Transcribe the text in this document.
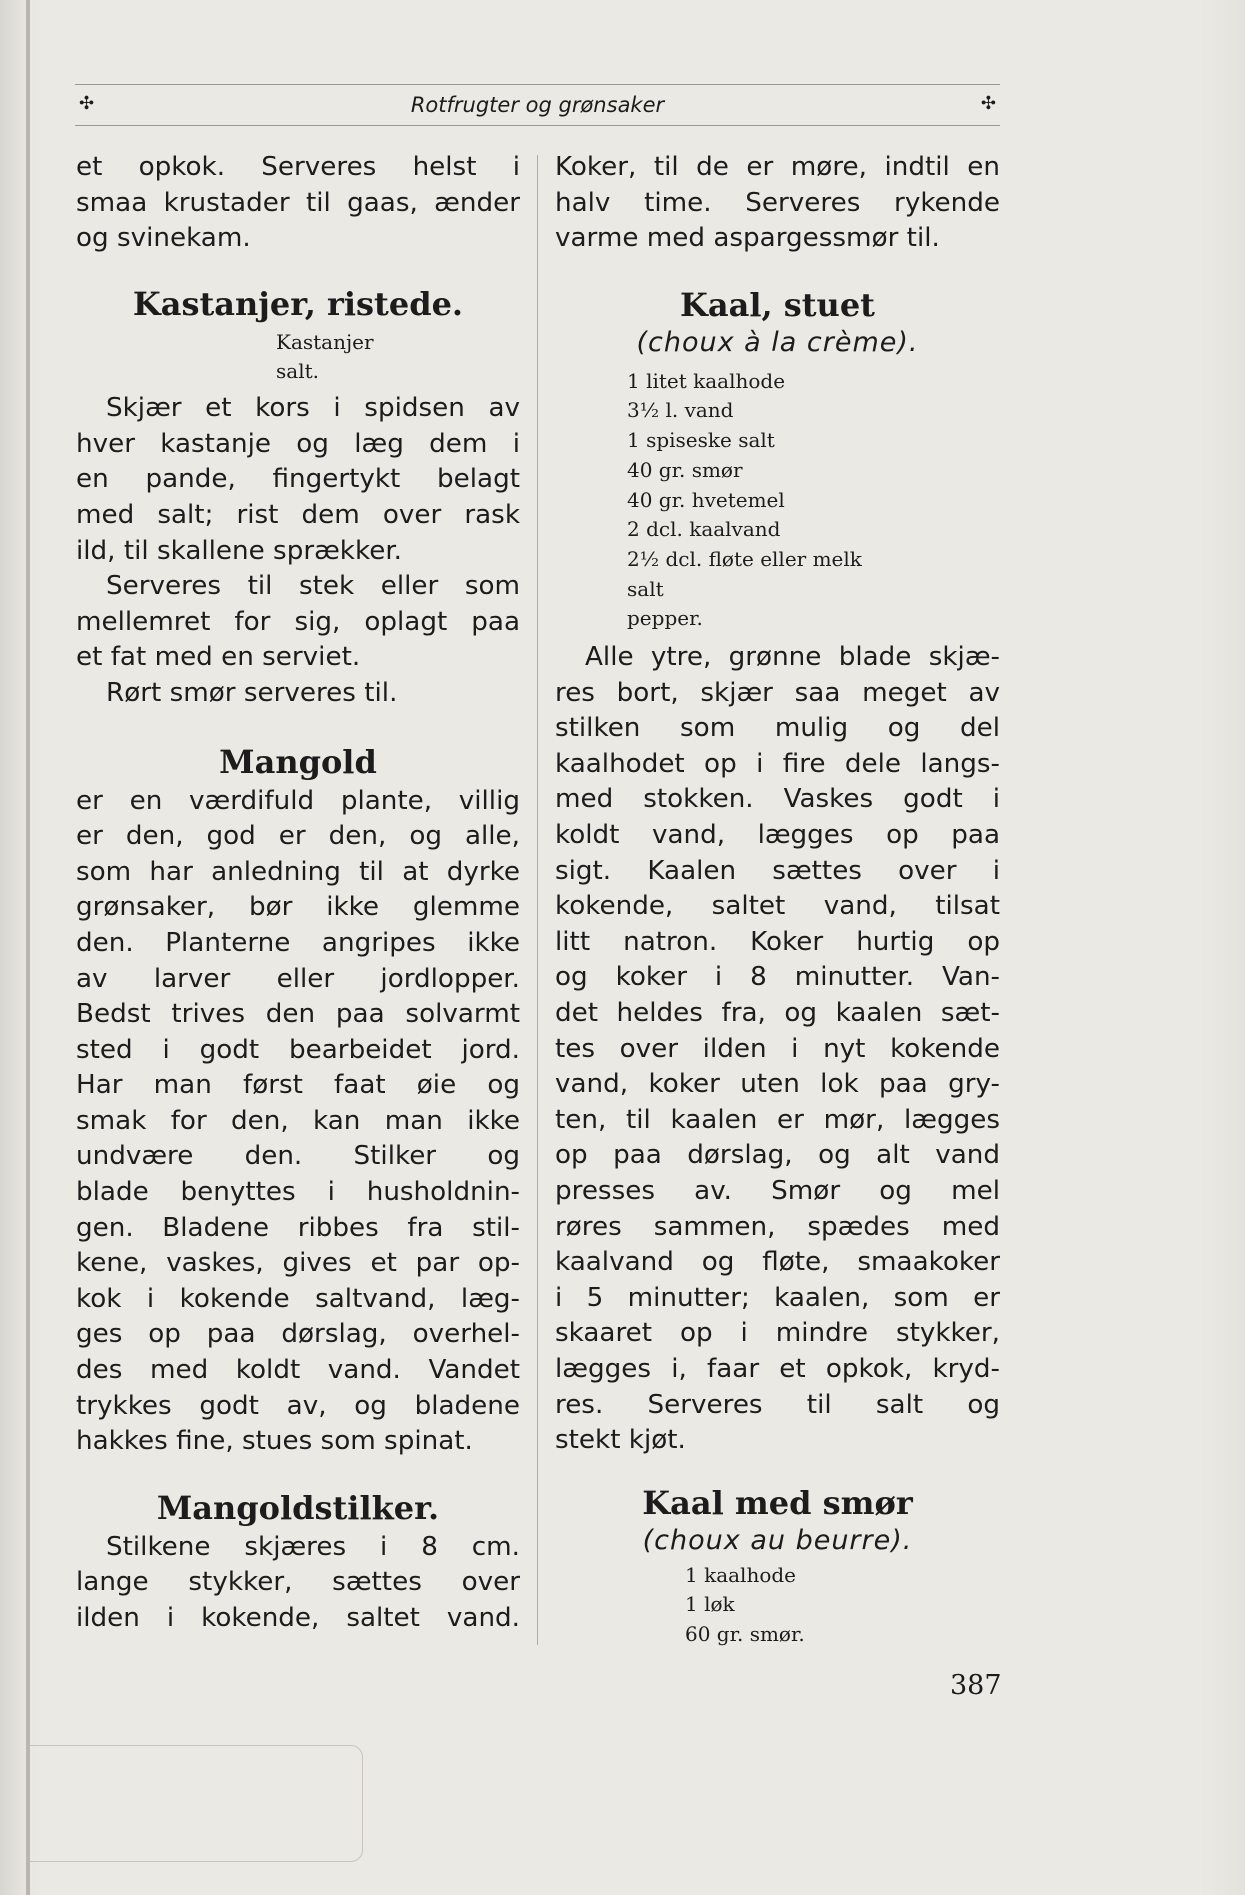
✣	Rotfrugter og grønsaker	✣
et opkok. Serveres helst i
smaa krustader til gaas, ænder
og svinekam.
Kastanjer, ristede.
Kastanjer
salt.
Skjær et kors i spidsen av
hver kastanje og læg dem i
en pande, fingertykt belagt
med salt; rist dem over rask
ild, til skallene sprækker.
Serveres til stek eller som
mellemret for sig, oplagt paa
et fat med en serviet.
Rørt smør serveres til.
Mangold
er en værdifuld plante, villig
er den, god er den, og alle,
som har anledning til at dyrke
grønsaker, bør ikke glemme
den. Planterne angripes ikke
av larver eller jordlopper.
Bedst trives den paa solvarmt
sted i godt bearbeidet jord.
Har man først faat øie og
smak for den, kan man ikke
undvære den. Stilker og
blade benyttes i husholdnin-
gen. Bladene ribbes fra stil-
kene, vaskes, gives et par op-
kok i kokende saltvand, læg-
ges op paa dørslag, overhel-
des med koldt vand. Vandet
trykkes godt av, og bladene
hakkes fine, stues som spinat.
Mangoldstilker.
Stilkene skjæres i 8 cm.
lange stykker, sættes over
ilden i kokende, saltet vand.
Koker, til de er møre, indtil en
halv time. Serveres rykende
varme med aspargessmør til.
Kaal, stuet
(choux à la crème).
1 litet kaalhode
3½ l. vand
1 spiseske salt
40 gr. smør
40 gr. hvetemel
2 dcl. kaalvand
2½ dcl. fløte eller melk
salt
pepper.
Alle ytre, grønne blade skjæ-
res bort, skjær saa meget av
stilken som mulig og del
kaalhodet op i fire dele langs-
med stokken. Vaskes godt i
koldt vand, lægges op paa
sigt. Kaalen sættes over i
kokende, saltet vand, tilsat
litt natron. Koker hurtig op
og koker i 8 minutter. Van-
det heldes fra, og kaalen sæt-
tes over ilden i nyt kokende
vand, koker uten lok paa gry-
ten, til kaalen er mør, lægges
op paa dørslag, og alt vand
presses av. Smør og mel
røres sammen, spædes med
kaalvand og fløte, smaakoker
i 5 minutter; kaalen, som er
skaaret op i mindre stykker,
lægges i, faar et opkok, kryd-
res. Serveres til salt og
stekt kjøt.
Kaal med smør
(choux au beurre).
1 kaalhode
1 løk
60 gr. smør.
387
